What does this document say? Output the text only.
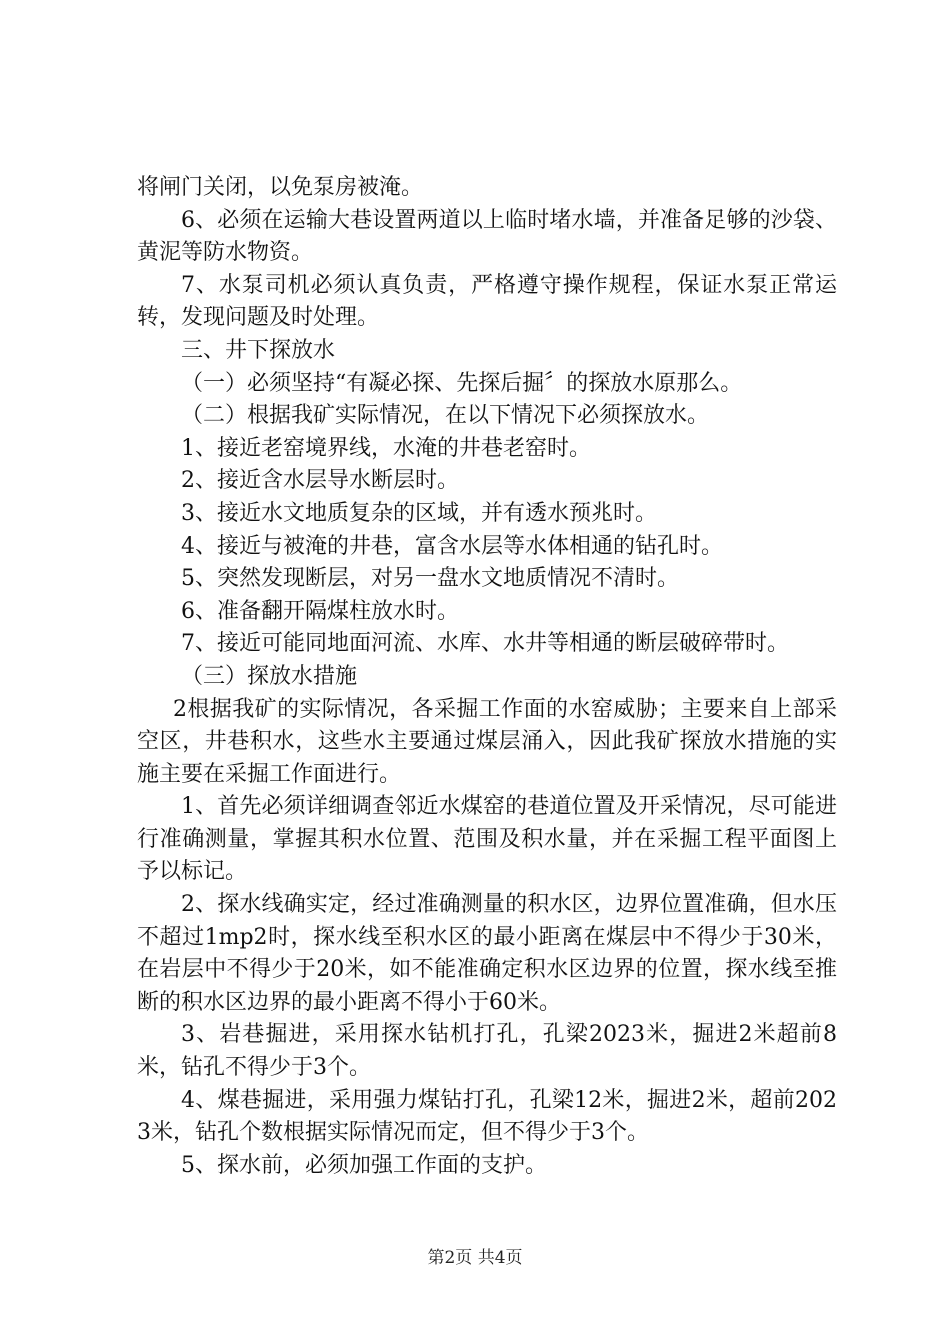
将闸门关闭，以免泵房被淹。

6、必须在运输大巷设置两道以上临时堵水墙，并准备足够的沙袋、黄泥等防水物资。

7、水泵司机必须认真负责，严格遵守操作规程，保证水泵正常运转，发现问题及时处理。

三、井下探放水

（一）必须坚持“有凝必探、先探后掘〞的探放水原那么。

（二）根据我矿实际情况，在以下情况下必须探放水。

1、接近老窑境界线，水淹的井巷老窑时。

2、接近含水层导水断层时。

3、接近水文地质复杂的区域，并有透水预兆时。

4、接近与被淹的井巷，富含水层等水体相通的钻孔时。

5、突然发现断层，对另一盘水文地质情况不清时。

6、准备翻开隔煤柱放水时。

7、接近可能同地面河流、水库、水井等相通的断层破碎带时。

（三）探放水措施

2根据我矿的实际情况，各采掘工作面的水窑威胁；主要来自上部采空区，井巷积水，这些水主要通过煤层涌入，因此我矿探放水措施的实施主要在采掘工作面进行。

1、首先必须详细调查邻近水煤窑的巷道位置及开采情况，尽可能进行准确测量，掌握其积水位置、范围及积水量，并在采掘工程平面图上予以标记。

2、探水线确实定，经过准确测量的积水区，边界位置准确，但水压不超过1mp2时，探水线至积水区的最小距离在煤层中不得少于30米，在岩层中不得少于20米，如不能准确定积水区边界的位置，探水线至推断的积水区边界的最小距离不得小于60米。

3、岩巷掘进，采用探水钻机打孔，孔梁2023米，掘进2米超前8米，钻孔不得少于3个。

4、煤巷掘进，采用强力煤钻打孔，孔梁12米，掘进2米，超前2023米，钻孔个数根据实际情况而定，但不得少于3个。

5、探水前，必须加强工作面的支护。

第2页 共4页
